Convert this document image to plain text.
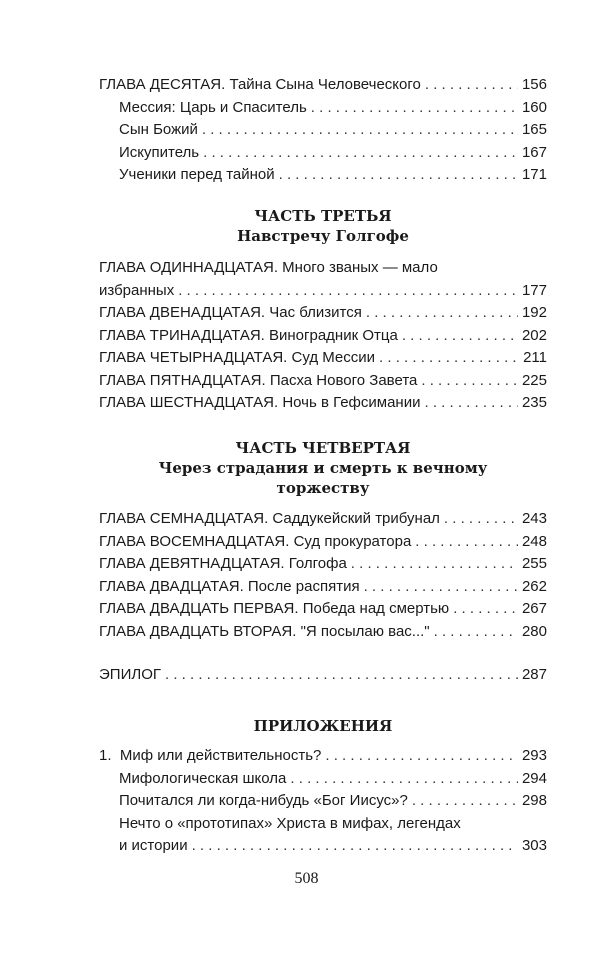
ГЛАВА ДЕСЯТАЯ. Тайна Сына Человеческого . . .	156
Мессия: Царь и Спаситель . . .	160
Сын Божий . . .	165
Искупитель . . .	167
Ученики перед тайной . . .	171
ЧАСТЬ ТРЕТЬЯ
Навстречу Голгофе
ГЛАВА ОДИННАДЦАТАЯ. Много званых — мало
избранных . . .	177
ГЛАВА ДВЕНАДЦАТАЯ. Час близится . . .	192
ГЛАВА ТРИНАДЦАТАЯ. Виноградник Отца . . .	202
ГЛАВА ЧЕТЫРНАДЦАТАЯ. Суд Мессии . . .	211
ГЛАВА ПЯТНАДЦАТАЯ. Пасха Нового Завета . . .	225
ГЛАВА ШЕСТНАДЦАТАЯ. Ночь в Гефсимании . . .	235
ЧАСТЬ ЧЕТВЕРТАЯ
Через страдания и смерть к вечному
торжеству
ГЛАВА СЕМНАДЦАТАЯ. Саддукейский трибунал . . .	243
ГЛАВА ВОСЕМНАДЦАТАЯ. Суд прокуратора . . .	248
ГЛАВА ДЕВЯТНАДЦАТАЯ. Голгофа . . .	255
ГЛАВА ДВАДЦАТАЯ. После распятия . . .	262
ГЛАВА ДВАДЦАТЬ ПЕРВАЯ. Победа над смертью . . .	267
ГЛАВА ДВАДЦАТЬ ВТОРАЯ. "Я посылаю вас..." . . .	280
ЭПИЛОГ . . .	287
ПРИЛОЖЕНИЯ
1.  Миф или действительность? . . .	293
Мифологическая школа . . .	294
Почитался ли когда-нибудь «Бог Иисус»? . . .	298
Нечто о «прототипах» Христа в мифах, легендах
и истории . . .	303
508
